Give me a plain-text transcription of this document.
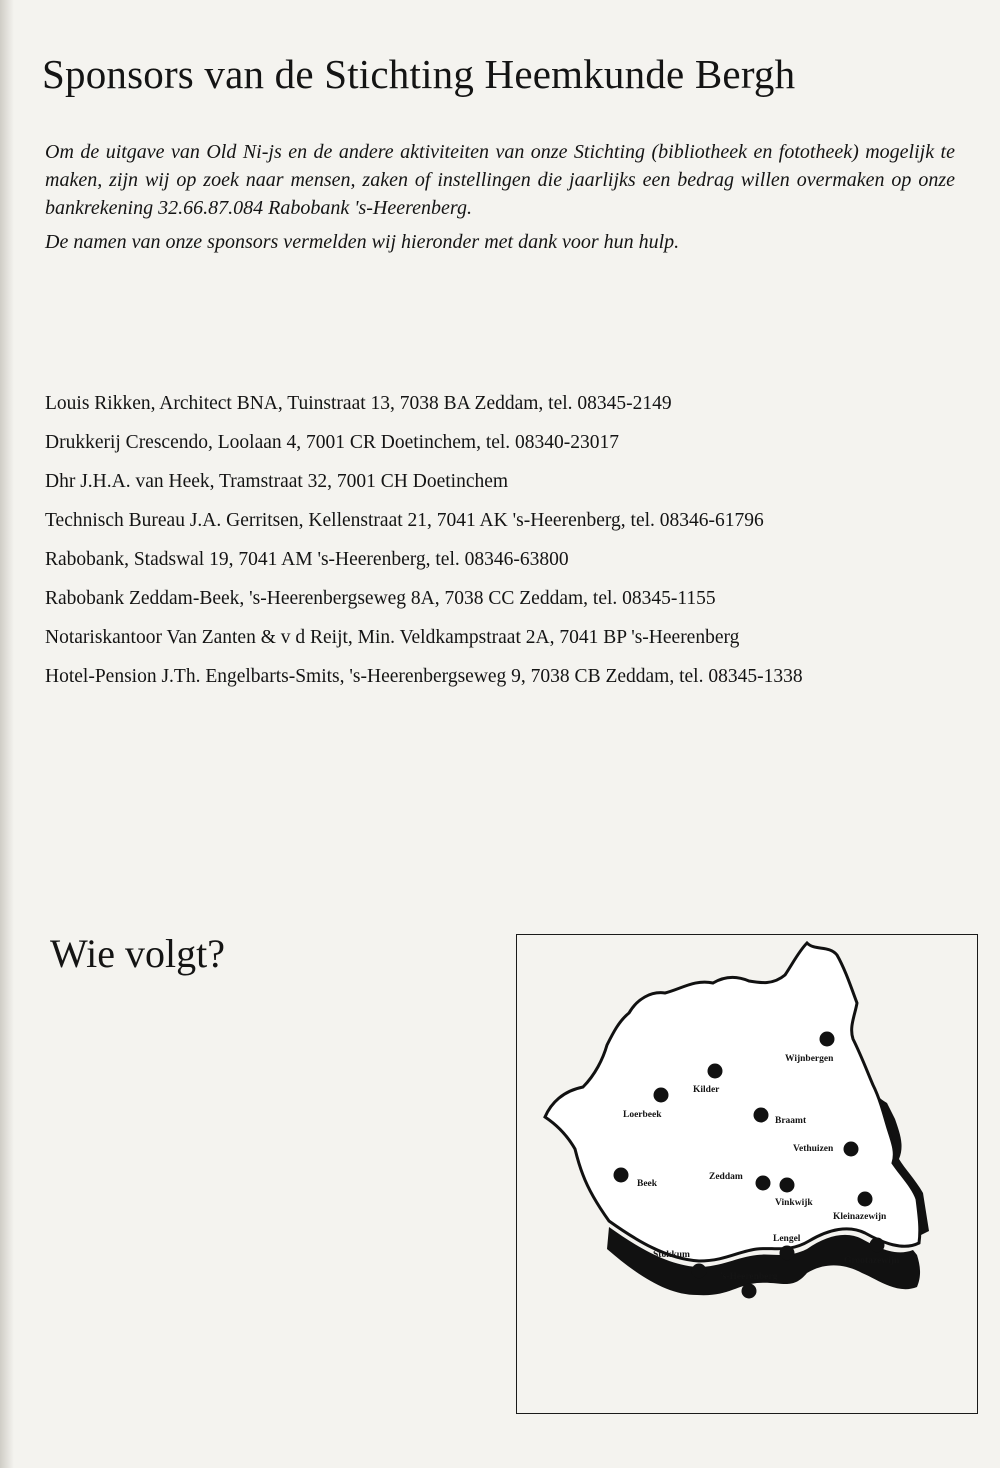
Sponsors van de Stichting Heemkunde Bergh

Om de uitgave van Old Ni-js en de andere aktiviteiten van onze Stichting (bibliotheek en fototheek) mogelijk te maken, zijn wij op zoek naar mensen, zaken of instellingen die jaarlijks een bedrag willen overmaken op onze bankrekening 32.66.87.084 Rabobank 's-Heerenberg.

De namen van onze sponsors vermelden wij hieronder met dank voor hun hulp.

Louis Rikken, Architect BNA, Tuinstraat 13, 7038 BA Zeddam, tel. 08345-2149
Drukkerij Crescendo, Loolaan 4, 7001 CR Doetinchem, tel. 08340-23017
Dhr J.H.A. van Heek, Tramstraat 32, 7001 CH Doetinchem
Technisch Bureau J.A. Gerritsen, Kellenstraat 21, 7041 AK 's-Heerenberg, tel. 08346-61796
Rabobank, Stadswal 19, 7041 AM 's-Heerenberg, tel. 08346-63800
Rabobank Zeddam-Beek, 's-Heerenbergseweg 8A, 7038 CC Zeddam, tel. 08345-1155
Notariskantoor Van Zanten & v d Reijt, Min. Veldkampstraat 2A, 7041 BP 's-Heerenberg
Hotel-Pension J.Th. Engelbarts-Smits, 's-Heerenbergseweg 9, 7038 CB Zeddam, tel. 08345-1338
Wie volgt?
Wijnbergen
Kilder
Loerbeek
Braamt
Vethuizen
Beek
Zeddam
Vinkwijk
Kleinazewijn
Lengel
Grootazewijn
Stokkum
's-Heerenberg
